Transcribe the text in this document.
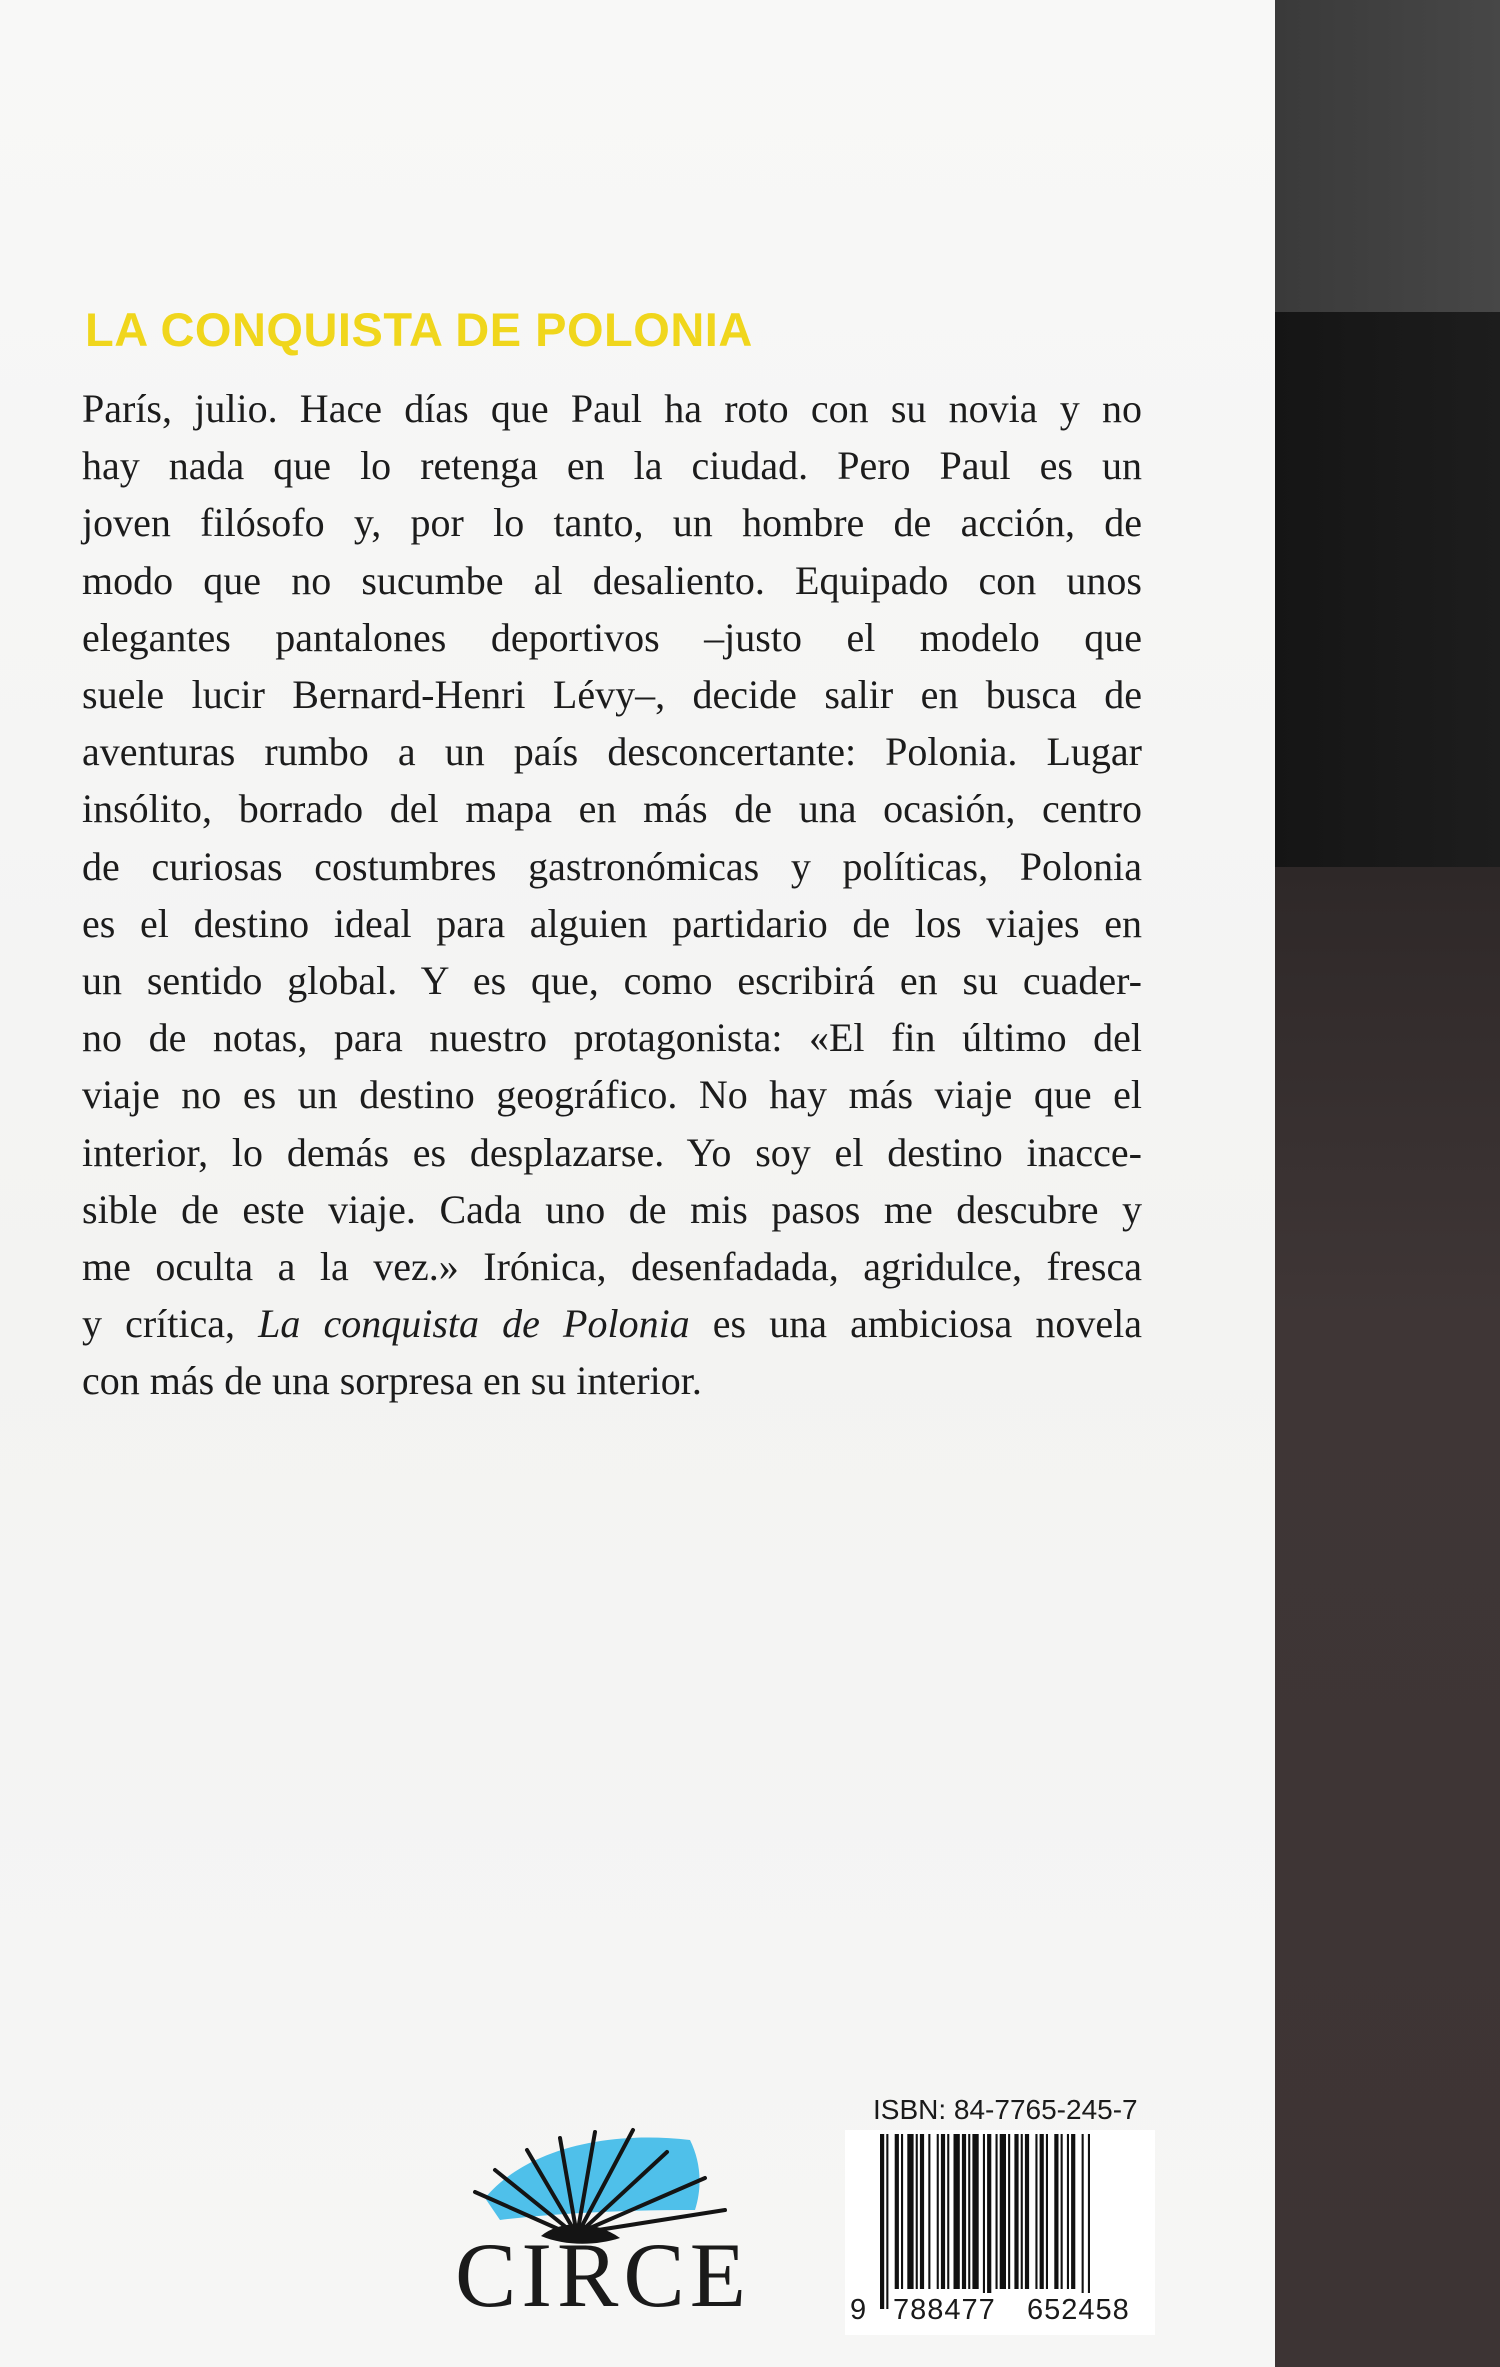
LA CONQUISTA DE POLONIA
París, julio. Hace días que Paul ha roto con su novia y no
hay nada que lo retenga en la ciudad. Pero Paul es un
joven filósofo y, por lo tanto, un hombre de acción, de
modo que no sucumbe al desaliento. Equipado con unos
elegantes pantalones deportivos –justo el modelo que
suele lucir Bernard-Henri Lévy–, decide salir en busca de
aventuras rumbo a un país desconcertante: Polonia. Lugar
insólito, borrado del mapa en más de una ocasión, centro
de curiosas costumbres gastronómicas y políticas, Polonia
es el destino ideal para alguien partidario de los viajes en
un sentido global. Y es que, como escribirá en su cuader-
no de notas, para nuestro protagonista: «El fin último del
viaje no es un destino geográfico. No hay más viaje que el
interior, lo demás es desplazarse. Yo soy el destino inacce-
sible de este viaje. Cada uno de mis pasos me descubre y
me oculta a la vez.» Irónica, desenfadada, agridulce, fresca
y crítica, La conquista de Polonia es una ambiciosa novela
con más de una sorpresa en su interior.
CIRCE
ISBN: 84-7765-245-7
9 788477 652458
